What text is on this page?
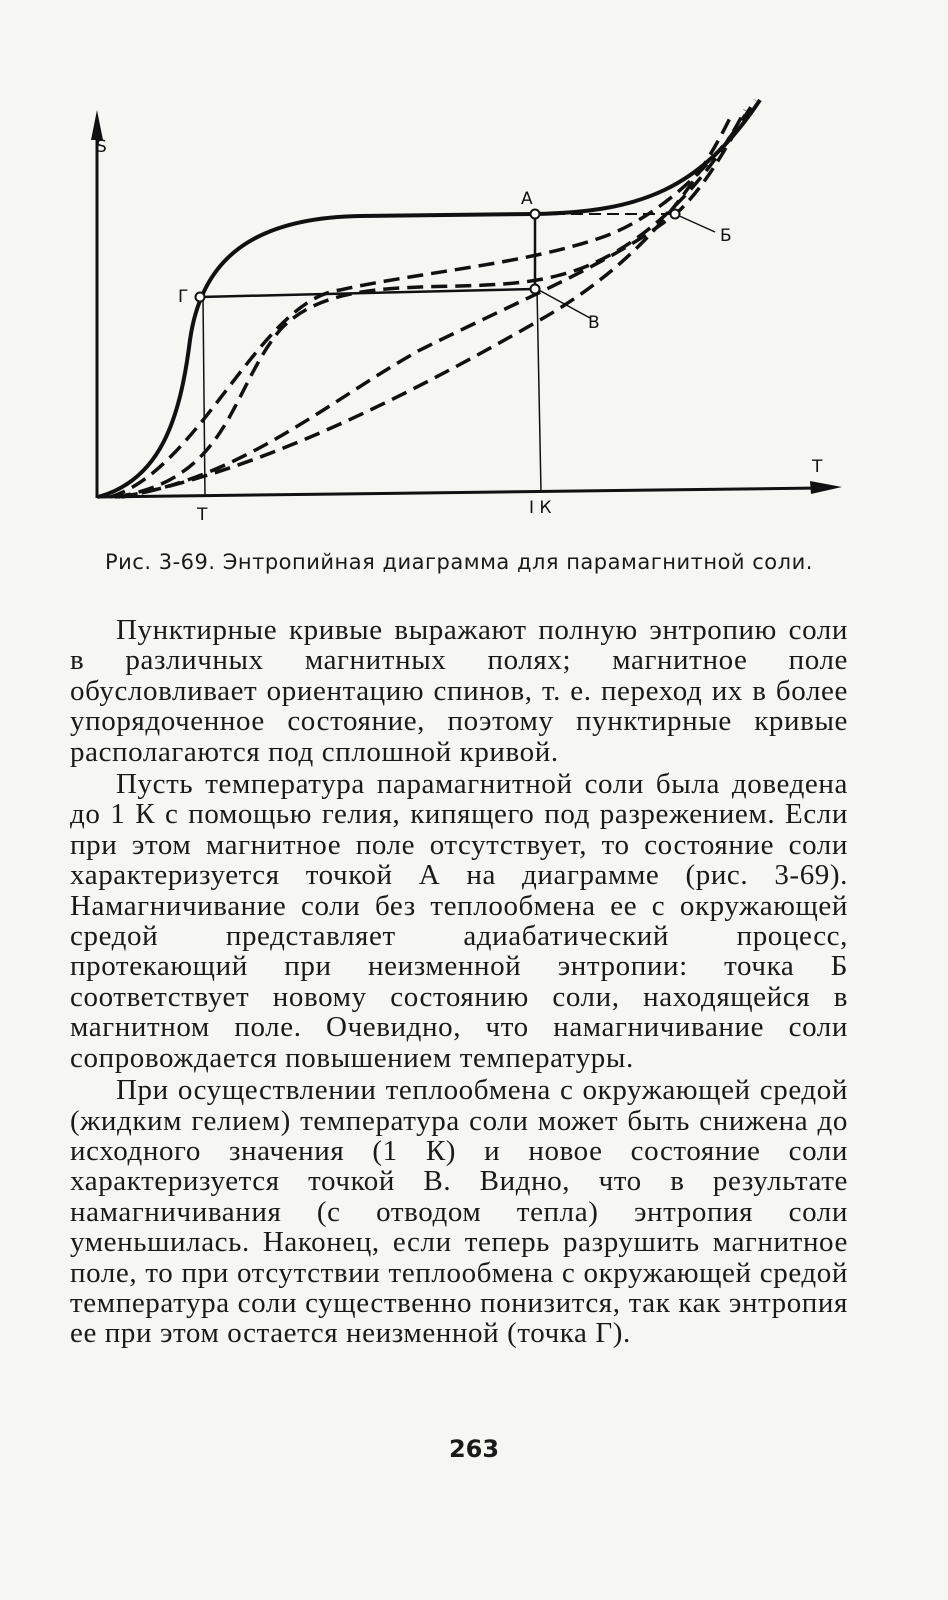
S
T
А
Б
В
Г
T	I К
Рис. 3-69. Энтропийная диаграмма для парамагнитной соли.

Пунктирные кривые выражают полную энтропию соли в различных магнитных полях; магнитное поле обусловливает ориентацию спинов, т. е. переход их в более упорядоченное состояние, поэтому пунктирные кривые располагаются под сплошной кривой.

Пусть температура парамагнитной соли была доведена до 1 К с помощью гелия, кипящего под разрежением. Если при этом магнитное поле отсутствует, то состояние соли характеризуется точкой А на диаграмме (рис. 3-69). Намагничивание соли без теплообмена ее с окружающей средой представляет адиабатический процесс, протекающий при неизменной энтропии: точка Б соответствует новому состоянию соли, находящейся в магнитном поле. Очевидно, что намагничивание соли сопровождается повышением температуры.

При осуществлении теплообмена с окружающей средой (жидким гелием) температура соли может быть снижена до исходного значения (1 К) и новое состояние соли характеризуется точкой В. Видно, что в результате намагничивания (с отводом тепла) энтропия соли уменьшилась. Наконец, если теперь разрушить магнитное поле, то при отсутствии теплообмена с окружающей средой температура соли существенно понизится, так как энтропия ее при этом остается неизменной (точка Г).

263
